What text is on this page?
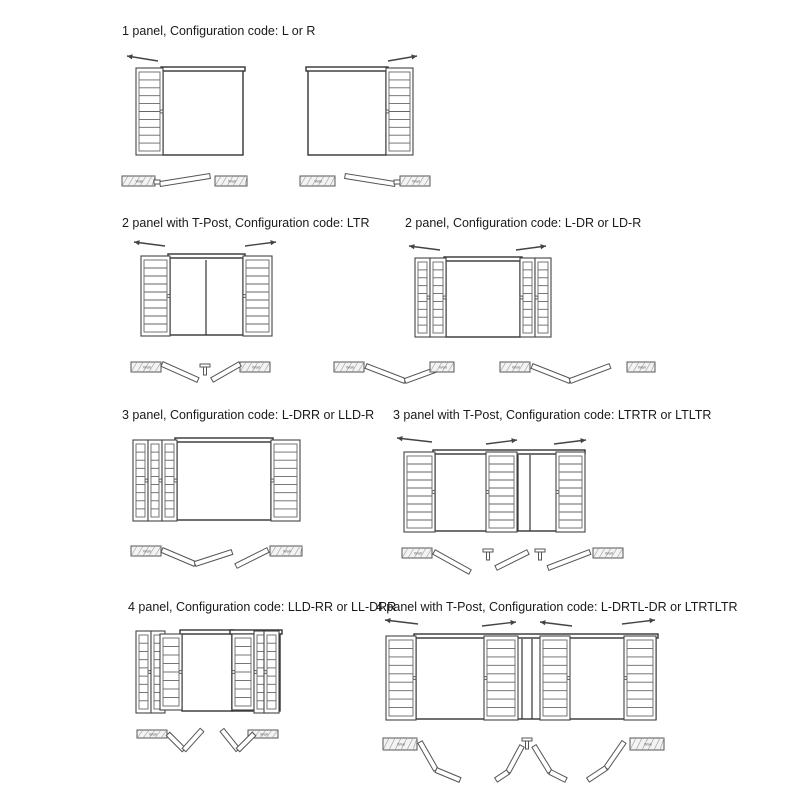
1 panel, Configuration code: L or R
2 panel with T-Post, Configuration code: LTR	2 panel, Configuration code: L-DR or LD-R
3 panel, Configuration code: L-DRR or LLD-R 3 panel with T-Post, Configuration code: LTRTR or LTLTR
4 panel, Configuration code: LLD-RR or LL-DRR
4 panel with T-Post, Configuration code: L-DRTL-DR or LTRTLTR
Wall	Wall	Wall	Wall
Wall	Wall	Wall	Wall
Wall	Wall
Wall	Wall	Wall	Wall
Wall	Wall
Wall	Wall
